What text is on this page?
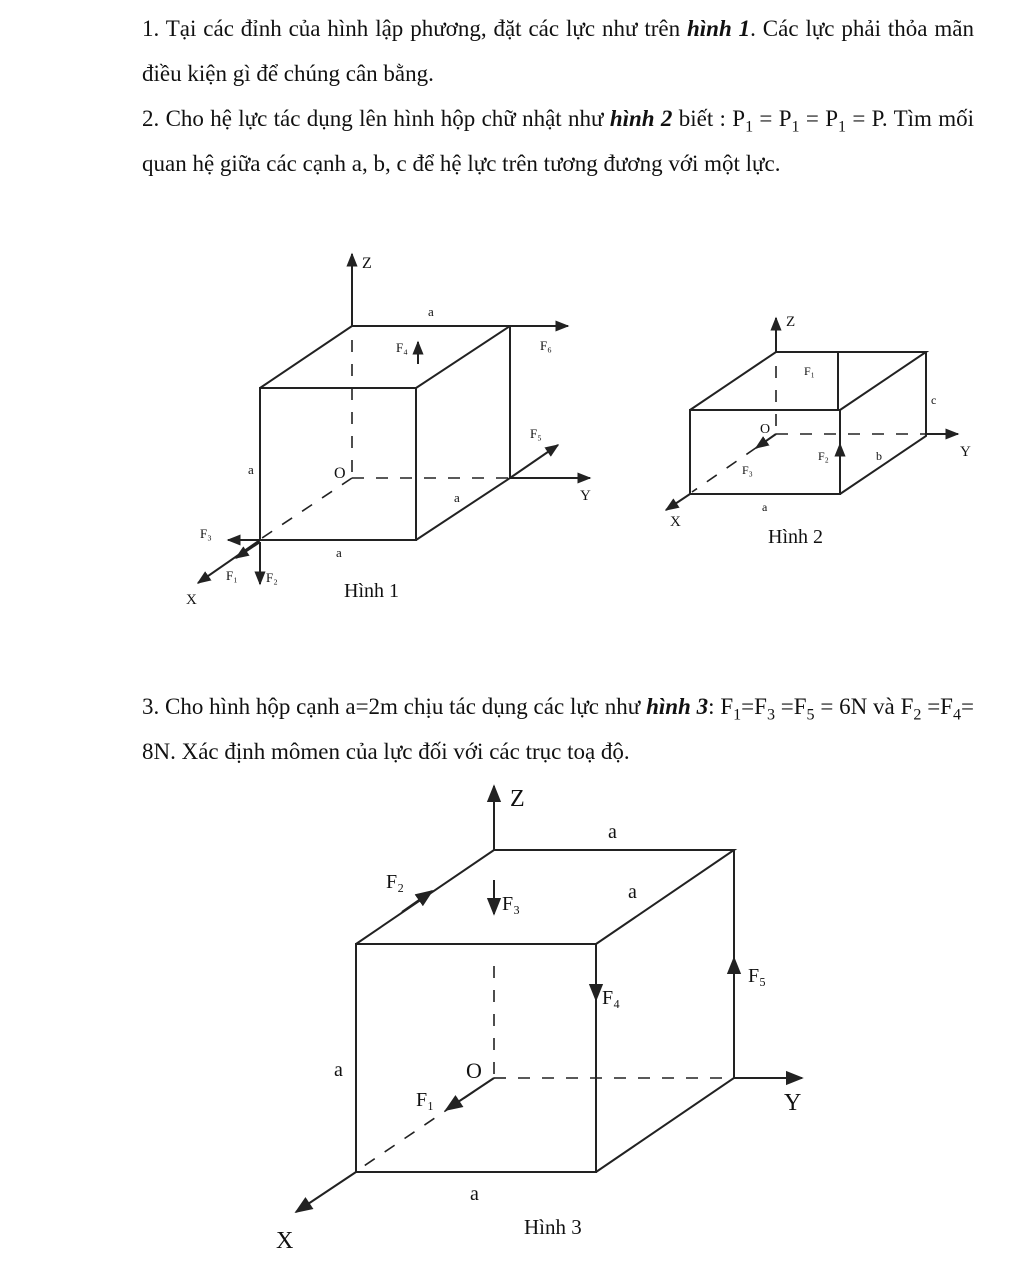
1. Tại các đỉnh của hình lập phương, đặt các lực như trên hình 1. Các lực phải thỏa mãn điều kiện gì để chúng cân bằng.

2. Cho hệ lực tác dụng lên hình hộp chữ nhật như hình 2 biết : $P_1 = P_1 = P_1 = P$. Tìm mối quan hệ giữa các cạnh a, b, c để hệ lực trên tương đương với một lực.

3. Cho hình hộp cạnh a=2m chịu tác dụng các lực như hình 3: $F_1=F_3 =F_5 = 6N$ và $F_2 =F_4= 8N$. Xác định mômen của lực đối với các trục toạ độ.

Z
a
F₄	F₆
F₅
a	O
a	Y
F₃
a
F₁ F₂
X	Hình 1
Z
F₁
c
O
F₂	b	Y
F₃
a
X
Hình 2
Z
a
F₂
F₃
a
F₅
F₄
a	O
F₁	Y
a
Hình 3
X
